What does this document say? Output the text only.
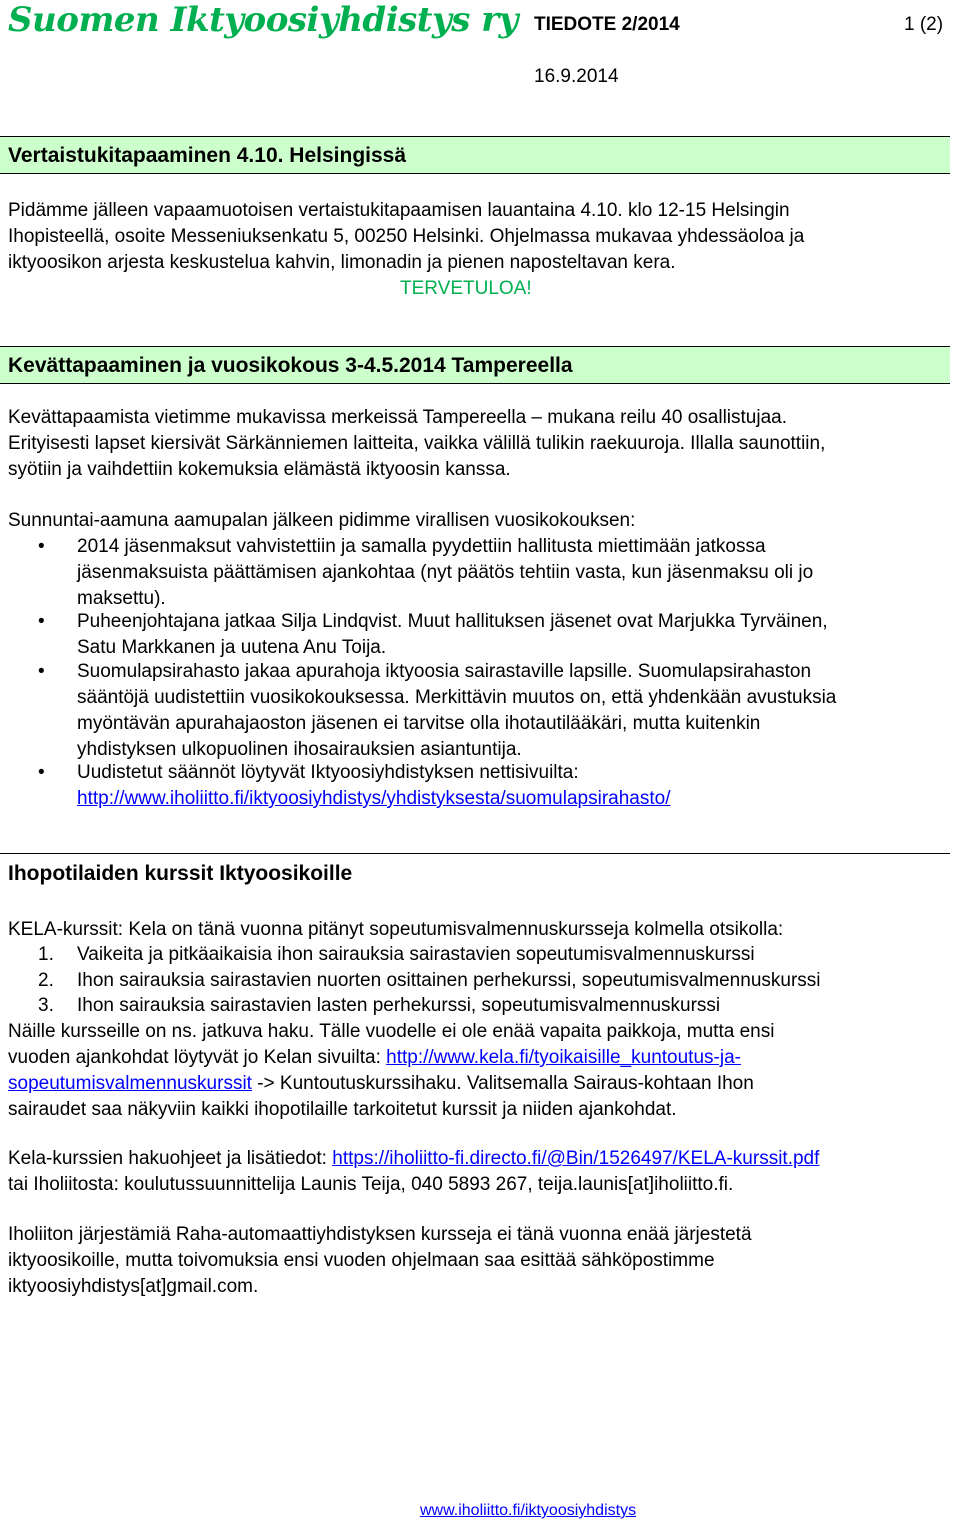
Suomen Iktyoosiyhdistys ry TIEDOTE 2/2014	1 (2)
16.9.2014
Vertaistukitapaaminen 4.10. Helsingissä
Pidämme jälleen vapaamuotoisen vertaistukitapaamisen lauantaina 4.10. klo 12-15 Helsingin
Ihopisteellä, osoite Messeniuksenkatu 5, 00250 Helsinki. Ohjelmassa mukavaa yhdessäoloa ja
iktyoosikon arjesta keskustelua kahvin, limonadin ja pienen naposteltavan kera.
TERVETULOA!
Kevättapaaminen ja vuosikokous 3-4.5.2014 Tampereella
Kevättapaamista vietimme mukavissa merkeissä Tampereella – mukana reilu 40 osallistujaa.
Erityisesti lapset kiersivät Särkänniemen laitteita, vaikka välillä tulikin raekuuroja. Illalla saunottiin,
syötiin ja vaihdettiin kokemuksia elämästä iktyoosin kanssa.
Sunnuntai-aamuna aamupalan jälkeen pidimme virallisen vuosikokouksen:
• 2014 jäsenmaksut vahvistettiin ja samalla pyydettiin hallitusta miettimään jatkossa
jäsenmaksuista päättämisen ajankohtaa (nyt päätös tehtiin vasta, kun jäsenmaksu oli jo
maksettu).
• Puheenjohtajana jatkaa Silja Lindqvist. Muut hallituksen jäsenet ovat Marjukka Tyrväinen,
Satu Markkanen ja uutena Anu Toija.
• Suomulapsirahasto jakaa apurahoja iktyoosia sairastaville lapsille. Suomulapsirahaston
sääntöjä uudistettiin vuosikokouksessa. Merkittävin muutos on, että yhdenkään avustuksia
myöntävän apurahajaoston jäsenen ei tarvitse olla ihotautilääkäri, mutta kuitenkin
yhdistyksen ulkopuolinen ihosairauksien asiantuntija.
• Uudistetut säännöt löytyvät Iktyoosiyhdistyksen nettisivuilta:
http://www.iholiitto.fi/iktyoosiyhdistys/yhdistyksesta/suomulapsirahasto/
Ihopotilaiden kurssit Iktyoosikoille
KELA-kurssit: Kela on tänä vuonna pitänyt sopeutumisvalmennuskursseja kolmella otsikolla:
1. Vaikeita ja pitkäaikaisia ihon sairauksia sairastavien sopeutumisvalmennuskurssi
2. Ihon sairauksia sairastavien nuorten osittainen perhekurssi, sopeutumisvalmennuskurssi
3. Ihon sairauksia sairastavien lasten perhekurssi, sopeutumisvalmennuskurssi
Näille kursseille on ns. jatkuva haku. Tälle vuodelle ei ole enää vapaita paikkoja, mutta ensi
vuoden ajankohdat löytyvät jo Kelan sivuilta: http://www.kela.fi/tyoikaisille_kuntoutus-ja-
sopeutumisvalmennuskurssit -> Kuntoutuskurssihaku. Valitsemalla Sairaus-kohtaan Ihon
sairaudet saa näkyviin kaikki ihopotilaille tarkoitetut kurssit ja niiden ajankohdat.
Kela-kurssien hakuohjeet ja lisätiedot: https://iholiitto-fi.directo.fi/@Bin/1526497/KELA-kurssit.pdf
tai Iholiitosta: koulutussuunnittelija Launis Teija, 040 5893 267, teija.launis[at]iholiitto.fi.
Iholiiton järjestämiä Raha-automaattiyhdistyksen kursseja ei tänä vuonna enää järjestetä
iktyoosikoille, mutta toivomuksia ensi vuoden ohjelmaan saa esittää sähköpostimme
iktyoosiyhdistys[at]gmail.com.
www.iholiitto.fi/iktyoosiyhdistys
